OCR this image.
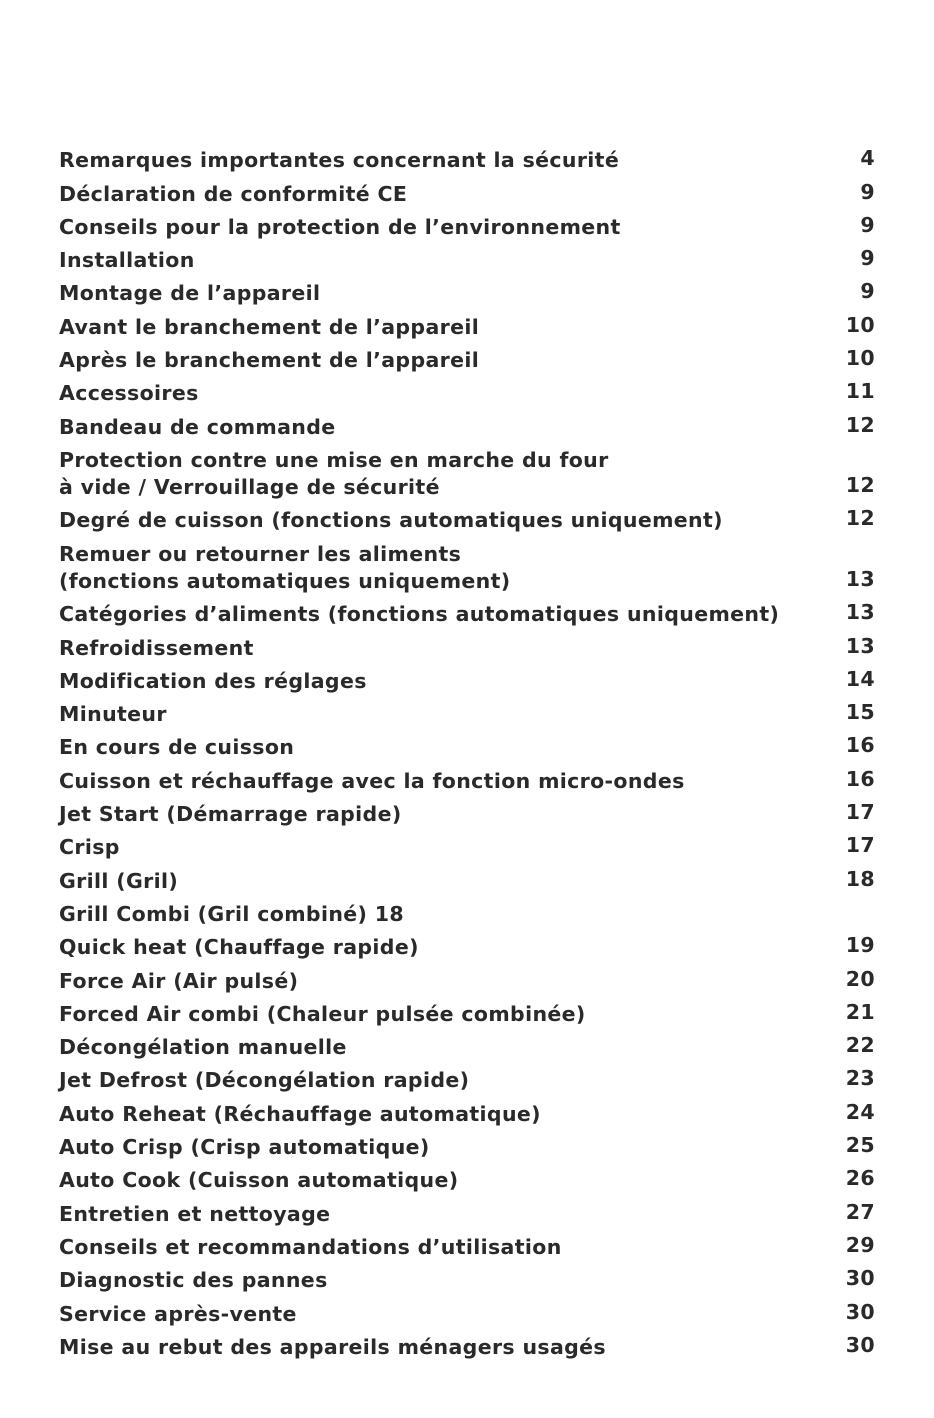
Remarques importantes concernant la sécurité	4
Déclaration de conformité CE	9
Conseils pour la protection de l’environnement	9
Installation	9
Montage de l’appareil	9
Avant le branchement de l’appareil	10
Après le branchement de l’appareil	10
Accessoires	11
Bandeau de commande	12
Protection contre une mise en marche du four
à vide / Verrouillage de sécurité	12
Degré de cuisson (fonctions automatiques uniquement)	12
Remuer ou retourner les aliments
(fonctions automatiques uniquement)	13
Catégories d’aliments (fonctions automatiques uniquement)	13
Refroidissement	13
Modification des réglages	14
Minuteur	15
En cours de cuisson	16
Cuisson et réchauffage avec la fonction micro-ondes	16
Jet Start (Démarrage rapide)	17
Crisp	17
Grill (Gril)	18
Grill Combi (Gril combiné) 18
Quick heat (Chauffage rapide)	19
Force Air (Air pulsé)	20
Forced Air combi (Chaleur pulsée combinée)	21
Décongélation manuelle	22
Jet Defrost (Décongélation rapide)	23
Auto Reheat (Réchauffage automatique)	24
Auto Crisp (Crisp automatique)	25
Auto Cook (Cuisson automatique)	26
Entretien et nettoyage	27
Conseils et recommandations d’utilisation	29
Diagnostic des pannes	30
Service après-vente	30
Mise au rebut des appareils ménagers usagés	30
